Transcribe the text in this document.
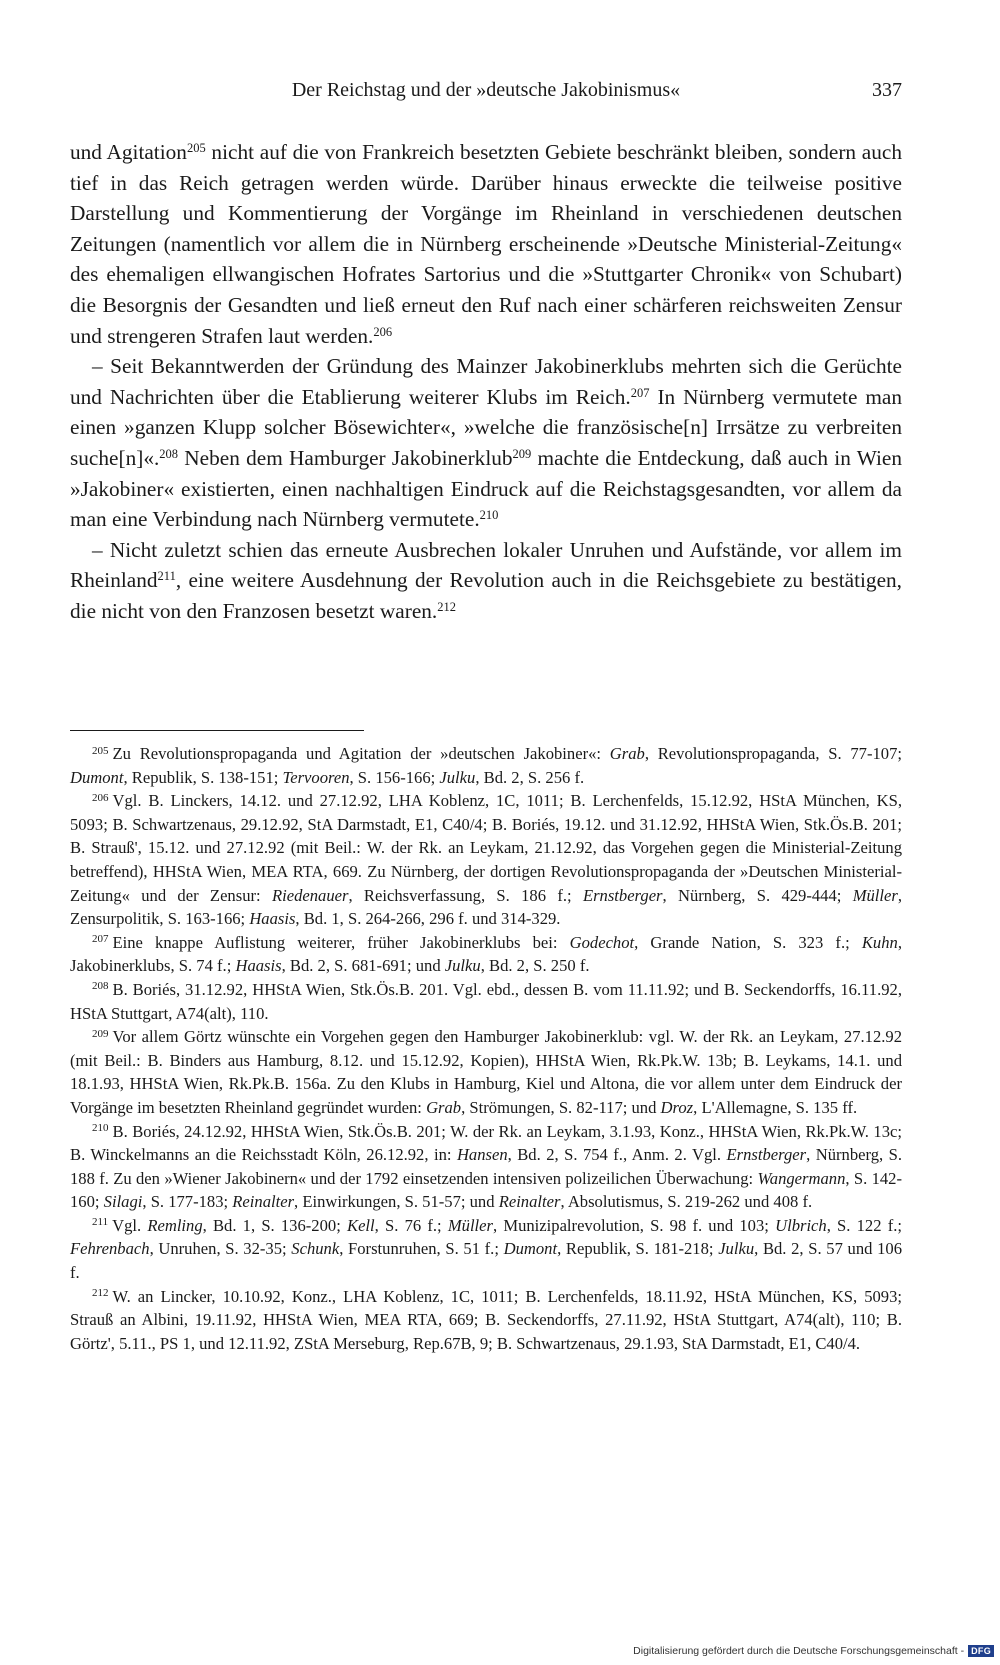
Der Reichstag und der »deutsche Jakobinismus«	337

und Agitation$^{205}$ nicht auf die von Frankreich besetzten Gebiete beschränkt bleiben, sondern auch tief in das Reich getragen werden würde. Darüber hinaus erweckte die teilweise positive Darstellung und Kommentierung der Vorgänge im Rheinland in verschiedenen deutschen Zeitungen (namentlich vor allem die in Nürnberg erscheinende »Deutsche Ministerial-Zeitung« des ehemaligen ellwangischen Hofrates Sartorius und die »Stuttgarter Chronik« von Schubart) die Besorgnis der Gesandten und ließ erneut den Ruf nach einer schärferen reichsweiten Zensur und strengeren Strafen laut werden.$^{206}$

– Seit Bekanntwerden der Gründung des Mainzer Jakobinerklubs mehrten sich die Gerüchte und Nachrichten über die Etablierung weiterer Klubs im Reich.$^{207}$ In Nürnberg vermutete man einen »ganzen Klupp solcher Bösewichter«, »welche die französische[n] Irrsätze zu verbreiten suche[n]«.$^{208}$ Neben dem Hamburger Jakobinerklub$^{209}$ machte die Entdeckung, daß auch in Wien »Jakobiner« existierten, einen nachhaltigen Eindruck auf die Reichstagsgesandten, vor allem da man eine Verbindung nach Nürnberg vermutete.$^{210}$

– Nicht zuletzt schien das erneute Ausbrechen lokaler Unruhen und Aufstände, vor allem im Rheinland$^{211}$, eine weitere Ausdehnung der Revolution auch in die Reichsgebiete zu bestätigen, die nicht von den Franzosen besetzt waren.$^{212}$

$^{205}$ Zu Revolutionspropaganda und Agitation der »deutschen Jakobiner«: Grab, Revolutionspropaganda, S. 77-107; Dumont, Republik, S. 138-151; Tervooren, S. 156-166; Julku, Bd. 2, S. 256 f.

$^{206}$ Vgl. B. Linckers, 14.12. und 27.12.92, LHA Koblenz, 1C, 1011; B. Lerchenfelds, 15.12.92, HStA München, KS, 5093; B. Schwartzenaus, 29.12.92, StA Darmstadt, E1, C40/4; B. Boriés, 19.12. und 31.12.92, HHStA Wien, Stk.Ös.B. 201; B. Strauß', 15.12. und 27.12.92 (mit Beil.: W. der Rk. an Leykam, 21.12.92, das Vorgehen gegen die Ministerial-Zeitung betreffend), HHStA Wien, MEA RTA, 669. Zu Nürnberg, der dortigen Revolutionspropaganda der »Deutschen Ministerial-Zeitung« und der Zensur: Riedenauer, Reichsverfassung, S. 186 f.; Ernstberger, Nürnberg, S. 429-444; Müller, Zensurpolitik, S. 163-166; Haasis, Bd. 1, S. 264-266, 296 f. und 314-329.

$^{207}$ Eine knappe Auflistung weiterer, früher Jakobinerklubs bei: Godechot, Grande Nation, S. 323 f.; Kuhn, Jakobinerklubs, S. 74 f.; Haasis, Bd. 2, S. 681-691; und Julku, Bd. 2, S. 250 f.

$^{208}$ B. Boriés, 31.12.92, HHStA Wien, Stk.Ös.B. 201. Vgl. ebd., dessen B. vom 11.11.92; und B. Seckendorffs, 16.11.92, HStA Stuttgart, A74(alt), 110.

$^{209}$ Vor allem Görtz wünschte ein Vorgehen gegen den Hamburger Jakobinerklub: vgl. W. der Rk. an Leykam, 27.12.92 (mit Beil.: B. Binders aus Hamburg, 8.12. und 15.12.92, Kopien), HHStA Wien, Rk.Pk.W. 13b; B. Leykams, 14.1. und 18.1.93, HHStA Wien, Rk.Pk.B. 156a. Zu den Klubs in Hamburg, Kiel und Altona, die vor allem unter dem Eindruck der Vorgänge im besetzten Rheinland gegründet wurden: Grab, Strömungen, S. 82-117; und Droz, L'Allemagne, S. 135 ff.

$^{210}$ B. Boriés, 24.12.92, HHStA Wien, Stk.Ös.B. 201; W. der Rk. an Leykam, 3.1.93, Konz., HHStA Wien, Rk.Pk.W. 13c; B. Winckelmanns an die Reichsstadt Köln, 26.12.92, in: Hansen, Bd. 2, S. 754 f., Anm. 2. Vgl. Ernstberger, Nürnberg, S. 188 f. Zu den »Wiener Jakobinern« und der 1792 einsetzenden intensiven polizeilichen Überwachung: Wangermann, S. 142-160; Silagi, S. 177-183; Reinalter, Einwirkungen, S. 51-57; und Reinalter, Absolutismus, S. 219-262 und 408 f.

$^{211}$ Vgl. Remling, Bd. 1, S. 136-200; Kell, S. 76 f.; Müller, Munizipalrevolution, S. 98 f. und 103; Ulbrich, S. 122 f.; Fehrenbach, Unruhen, S. 32-35; Schunk, Forstunruhen, S. 51 f.; Dumont, Republik, S. 181-218; Julku, Bd. 2, S. 57 und 106 f.

$^{212}$ W. an Lincker, 10.10.92, Konz., LHA Koblenz, 1C, 1011; B. Lerchenfelds, 18.11.92, HStA München, KS, 5093; Strauß an Albini, 19.11.92, HHStA Wien, MEA RTA, 669; B. Seckendorffs, 27.11.92, HStA Stuttgart, A74(alt), 110; B. Görtz', 5.11., PS 1, und 12.11.92, ZStA Merseburg, Rep.67B, 9; B. Schwartzenaus, 29.1.93, StA Darmstadt, E1, C40/4.

Digitalisierung gefördert durch die Deutsche Forschungsgemeinschaft - DFG
